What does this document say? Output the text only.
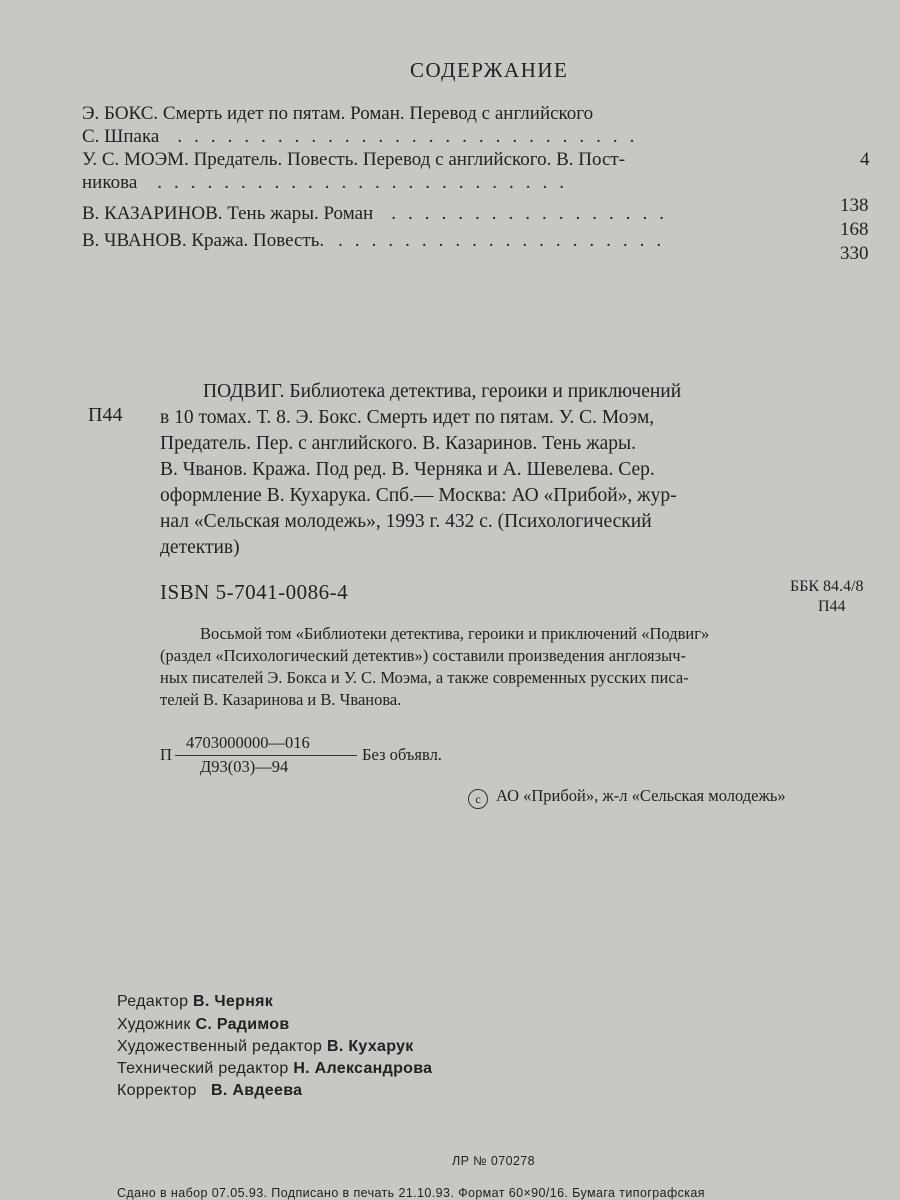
СОДЕРЖАНИЕ
Э. БОКС. Смерть идет по пятам. Роман. Перевод с английского
С. Шпака ............................
4
У. С. МОЭМ. Предатель. Повесть. Перевод с английского. В. Пост-
никова .........................
138
В. КАЗАРИНОВ. Тень жары. Роман .................
168
В. ЧВАНОВ. Кража. Повесть. ....................
330
П44
ПОДВИГ. Библиотека детектива, героики и приключений
в 10 томах. Т. 8. Э. Бокс. Смерть идет по пятам. У. С. Моэм,
Предатель. Пер. с английского. В. Казаринов. Тень жары.
В. Чванов. Кража. Под ред. В. Черняка и А. Шевелева. Сер.
оформление В. Кухарука. Спб.— Москва: АО «Прибой», жур-
нал «Сельская молодежь», 1993 г. 432 с. (Психологический
детектив)
ISBN 5-7041-0086-4	ББК 84.4/8
П44
Восьмой том «Библиотеки детектива, героики и приключений «Подвиг»
(раздел «Психологический детектив») составили произведения англоязыч-
ных писателей Э. Бокса и У. С. Моэма, а также современных русских писа-
телей В. Казаринова и В. Чванова.
П
4703000000—016
Д93(03)—94
Без объявл.
c АО «Прибой», ж-л «Сельская молодежь»
Редактор В. Черняк
Художник С. Радимов
Художественный редактор В. Кухарук
Технический редактор Н. Александрова
Корректор В. Авдеева
ЛР № 070278
Сдано в набор 07.05.93. Подписано в печать 21.10.93. Формат 60×90/16. Бумага типографская
